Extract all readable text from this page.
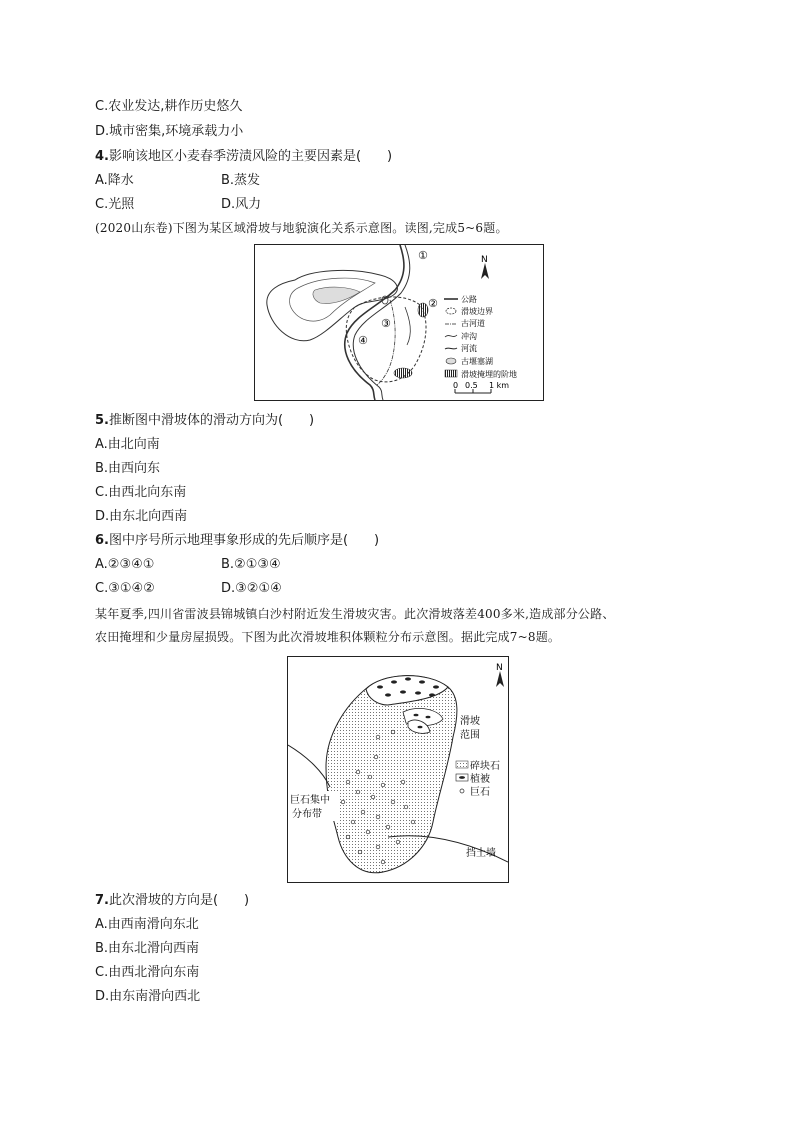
C.农业发达,耕作历史悠久
D.城市密集,环境承载力小
4.影响该地区小麦春季涝渍风险的主要因素是(　　)
A.降水	B.蒸发
C.光照	D.风力
(2020山东卷)下图为某区域滑坡与地貌演化关系示意图。读图,完成5~6题。
①
②
③
④
N
公路
滑坡边界
古河道
冲沟
河流
古堰塞湖
滑坡掩埋的阶地
0 0.5 1 km
5.推断图中滑坡体的滑动方向为(　　)
A.由北向南
B.由西向东
C.由西北向东南
D.由东北向西南
6.图中序号所示地理事象形成的先后顺序是(　　)
A.②③④①	B.②①③④
C.③①④②	D.③②①④
某年夏季,四川省雷波县锦城镇白沙村附近发生滑坡灾害。此次滑坡落差400多米,造成部分公路、
农田掩埋和少量房屋损毁。下图为此次滑坡堆积体颗粒分布示意图。据此完成7~8题。
N
滑坡
范围
碎块石
植被
巨石
巨石集中
分布带
挡土墙
7.此次滑坡的方向是(　　)
A.由西南滑向东北
B.由东北滑向西南
C.由西北滑向东南
D.由东南滑向西北
